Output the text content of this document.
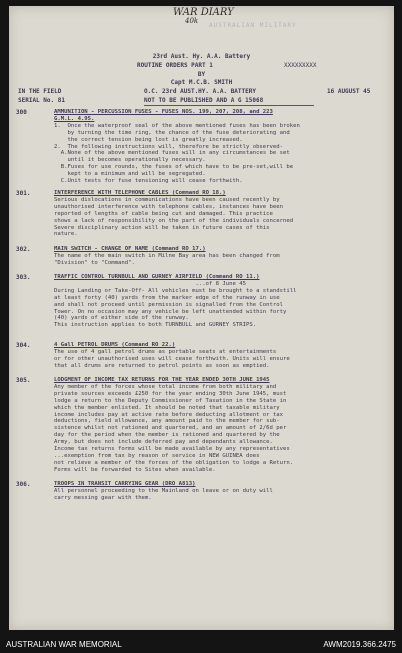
WAR DIARY
40k
AUSTRALIAN MILITARY
23rd Aust. Hy. A.A. Battery
ROUTINE ORDERS PART 1	XXXXXXXXX
BY
Capt M.C.B. SMITH
IN THE FIELD	O.C. 23rd AUST.HY. A.A. BATTERY	16 AUGUST 45
SERIAL No. 81	NOT TO BE PUBLISHED AND A G 15068
300	AMMUNITION - PERCUSSION FUSES - FUSES NOS. 199, 207, 208, and 223
G.M.L. 4.95.

1.  Once the waterproof seal of the above mentioned fuses has been broken

by turning the time ring, the chance of the fuse deteriorating and

the correct tension being lost is greatly increased.

2.  The following instructions will, therefore be strictly observed-

A.None of the above mentioned fuses will in any circumstances be set

until it becomes operationally necessary.

B.Fuses for use rounds, the fuses of which have to be pre-set,will be

kept to a minimum and will be segregated.

C.Unit tests for fuse tensioning will cease forthwith.

301.	INTERFERENCE WITH TELEPHONE CABLES (Command RO 18.)

Serious dislocations in communications have been caused recently by

unauthorised interference with telephone cables, instances have been

reported of lengths of cable being cut and damaged. This practice

shows a lack of responsibility on the part of the individuals concerned

Severe disciplinary action will be taken in future cases of this

nature.

302.	MAIN SWITCH - CHANGE OF NAME (Command RO 17.)

The name of the main switch in Milne Bay area has been changed from

"Division" to "Command".

303.	TRAFFIC CONTROL TURNBULL AND GURNEY AIRFIELD (Command RO 11.)

...of 8 June 45

During Landing or Take-Off- All vehicles must be brought to a standstill

at least forty (40) yards from the marker edge of the runway in use

and shall not proceed until permission is signalled from the Control

Tower. On no occasion may any vehicle be left unattended within forty

(40) yards of either side of the runway.

This instruction applies to both TURNBULL and GURNEY STRIPS.

304.	4 Gall PETROL DRUMS (Command RO 22.)

The use of 4 gall petrol drums as portable seats at entertainments

or for other unauthorised uses will cease forthwith. Units will ensure

that all drums are returned to petrol points as soon as emptied.

305.	LODGMENT OF INCOME TAX RETURNS FOR THE YEAR ENDED 30TH JUNE 1945

Any member of the forces whose total income from both military and

private sources exceeds £250 for the year ending 30th June 1945, must

lodge a return to the Deputy Commissioner of Taxation in the State in

which the member enlisted. It should be noted that taxable military

income includes pay at active rate before deducting allotment or tax

deductions, field allowance, any amount paid to the member for sub-

sistence whilst not rationed and quartered, and an amount of 2/6d per

day for the period when the member is rationed and quartered by the

Army, but does not include deferred pay and dependants allowance.

Income tax returns forms will be made available by any representatives

...exemption from tax by reason of service in NEW GUINEA does

not relieve a member of the forces of the obligation to lodge a Return.

Forms will be forwarded to Sites when available.

306.	TROOPS IN TRANSIT CARRYING GEAR (DRO A813)

All personnel proceeding to the Mainland on leave or on duty will

carry messing gear with them.

AUSTRALIAN WAR MEMORIAL	AWM2019.366.2475
